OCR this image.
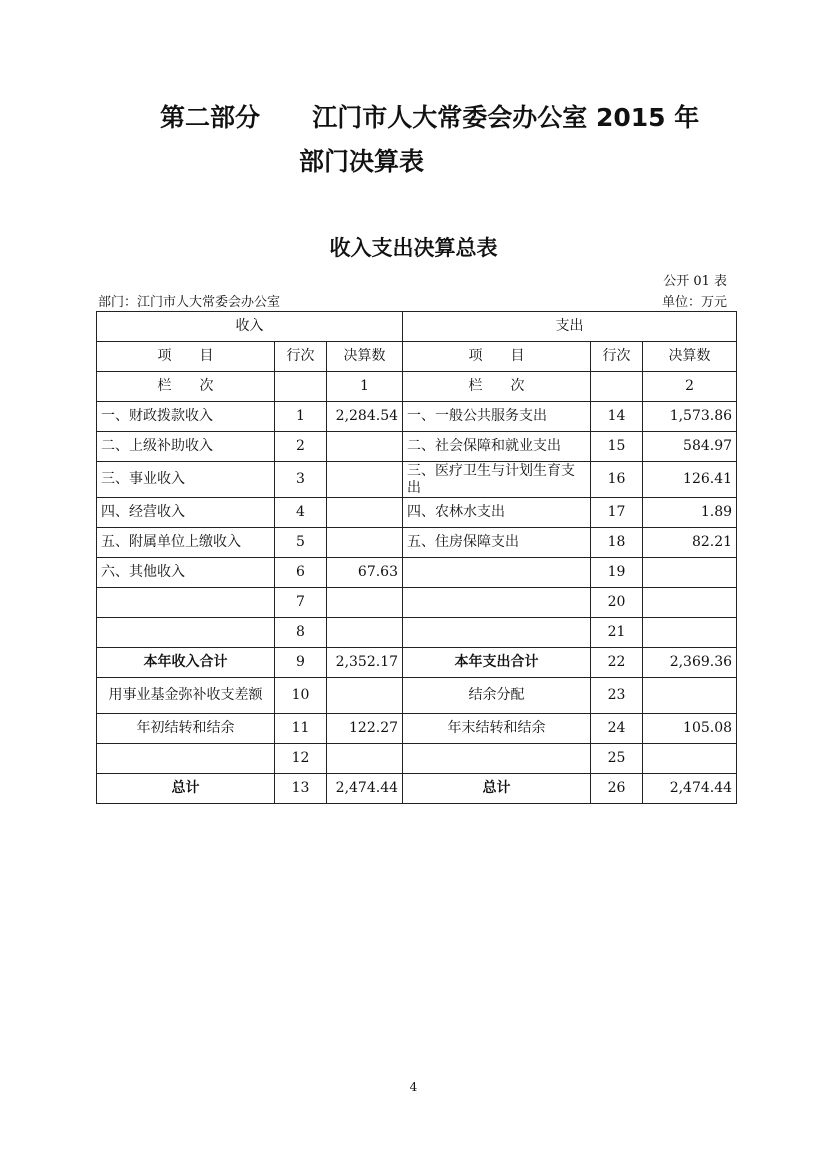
第二部分 江门市人大常委会办公室 2015 年
部门决算表
收入支出决算总表
公开 01 表
部门：江门市人大常委会办公室	单位：万元
收入			支出		
项　　目	行次	决算数	项　　目	行次	决算数
栏　　次		1	栏　　次		2
一、财政拨款收入	1	2,284.54	一、一般公共服务支出	14	1,573.86
二、上级补助收入	2		二、社会保障和就业支出	15	584.97
三、事业收入	3		三、医疗卫生与计划生育支出	16	126.41
四、经营收入	4		四、农林水支出	17	1.89
五、附属单位上缴收入	5		五、住房保障支出	18	82.21
六、其他收入	6	67.63		19	
	7			20	
	8			21	
本年收入合计	9	2,352.17	本年支出合计	22	2,369.36
用事业基金弥补收支差额	10		结余分配	23	
年初结转和结余	11	122.27	年末结转和结余	24	105.08
	12			25	
总计	13	2,474.44	总计	26	2,474.44
4
